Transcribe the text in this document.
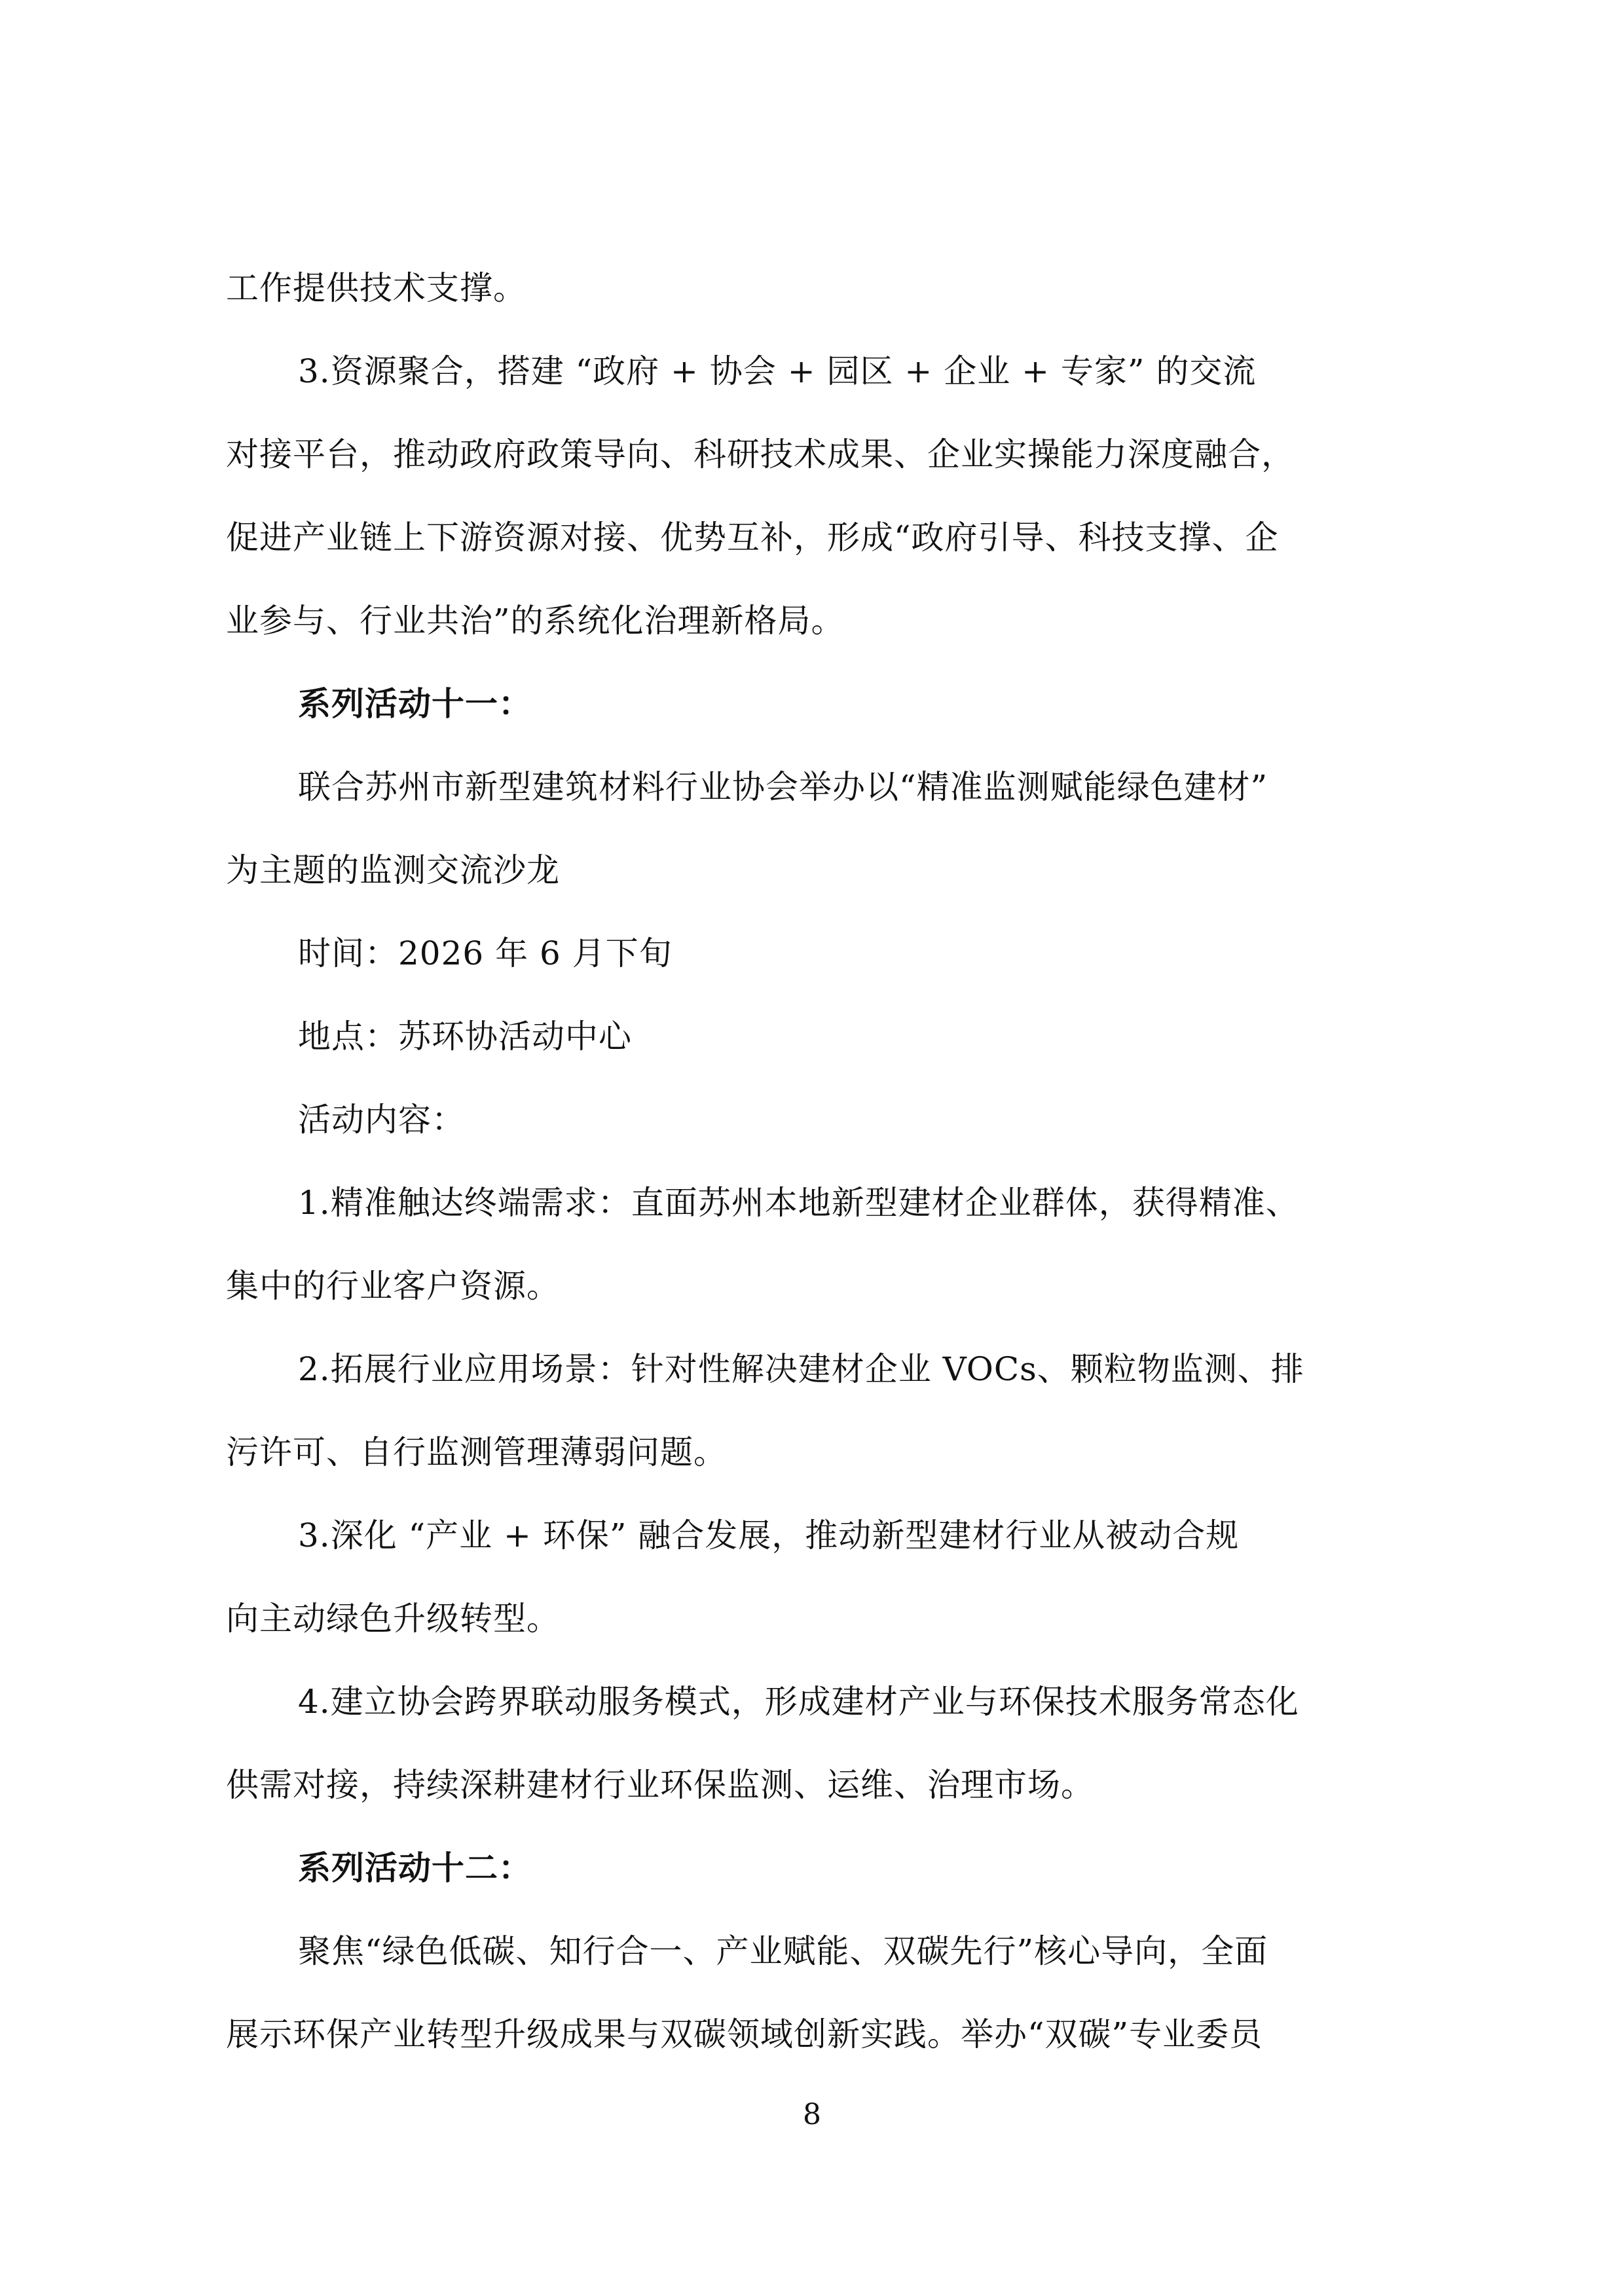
工作提供技术支撑。
3.资源聚合，搭建 “政府 + 协会 + 园区 + 企业 + 专家” 的交流
对接平台，推动政府政策导向、科研技术成果、企业实操能力深度融合，
促进产业链上下游资源对接、优势互补，形成“政府引导、科技支撑、企
业参与、行业共治”的系统化治理新格局。
系列活动十一：
联合苏州市新型建筑材料行业协会举办以“精准监测赋能绿色建材”
为主题的监测交流沙龙
时间：2026 年 6 月下旬
地点：苏环协活动中心
活动内容：
1.精准触达终端需求：直面苏州本地新型建材企业群体，获得精准、
集中的行业客户资源。
2.拓展行业应用场景：针对性解决建材企业 VOCs、颗粒物监测、排
污许可、自行监测管理薄弱问题。
3.深化 “产业 + 环保” 融合发展，推动新型建材行业从被动合规
向主动绿色升级转型。
4.建立协会跨界联动服务模式，形成建材产业与环保技术服务常态化
供需对接，持续深耕建材行业环保监测、运维、治理市场。
系列活动十二：
聚焦“绿色低碳、知行合一、产业赋能、双碳先行”核心导向，全面
展示环保产业转型升级成果与双碳领域创新实践。举办“双碳”专业委员
8
